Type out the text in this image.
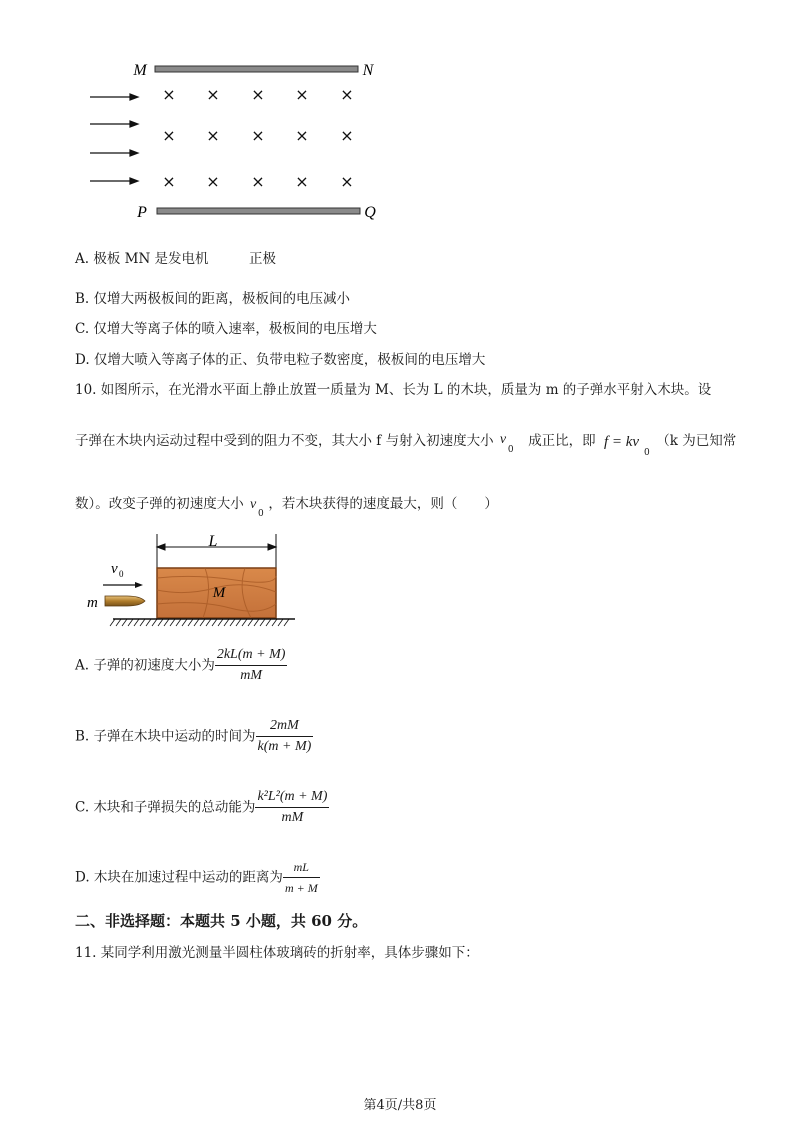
× × × × ×
× × × × ×
× × × × ×
M	N
P	Q
A. 极板 MN 是发电机　　　正极
B. 仅增大两极板间的距离，极板间的电压减小
C. 仅增大等离子体的喷入速率，极板间的电压增大
D. 仅增大喷入等离子体的正、负带电粒子数密度，极板间的电压增大
10. 如图所示，在光滑水平面上静止放置一质量为 M、长为 L 的木块，质量为 m 的子弹水平射入木块。设
子弹在木块内运动过程中受到的阻力不变，其大小 f 与射入初速度大小 v
0
成正比，即 f = kv
0
（k 为已知常
数）。改变子弹的初速度大小 v
0
，若木块获得的速度最大，则（　　）
L
M
v 0
m
A. 子弹的初速度大小为 $\frac{2kL(m + M)}{mM}$
B. 子弹在木块中运动的时间为 $\frac{2mM}{k(m + M)}$
C. 木块和子弹损失的总动能为 $\frac{\text{k²L²(m + M)}}{mM}$
D. 木块在加速过程中运动的距离为 $\frac{mL}{m + M}$
二、非选择题：本题共 5 小题，共 60 分。
11. 某同学利用激光测量半圆柱体玻璃砖的折射率，具体步骤如下：
第4页/共8页
